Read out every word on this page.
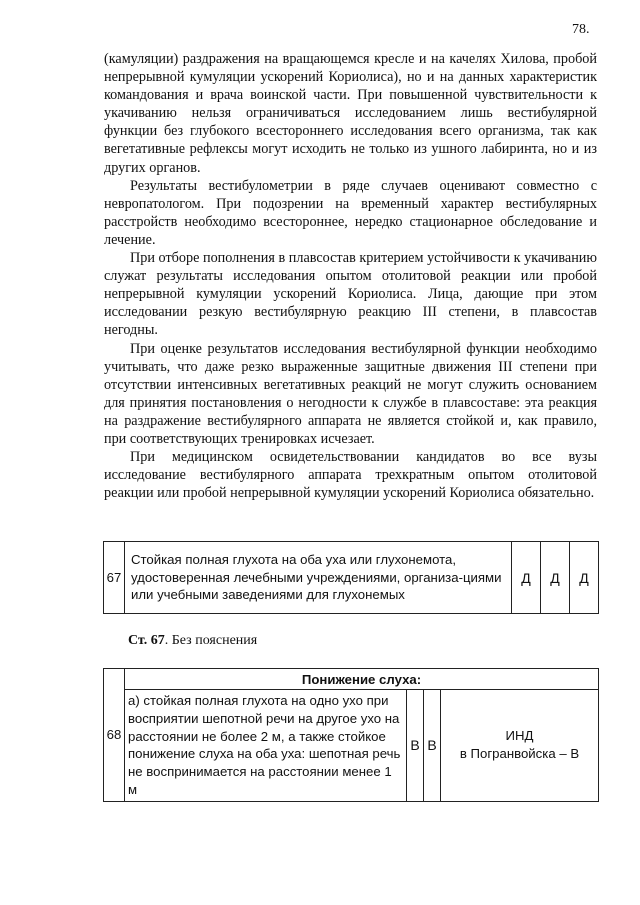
78.

(камуляции) раздражения на вращающемся кресле и на качелях Хилова, пробой непрерывной кумуляции ускорений Кориолиса), но и на данных характеристик командования и врача воинской части. При повышенной чувствительности к укачиванию нельзя ограничиваться исследованием лишь вестибулярной функции без глубокого всестороннего исследования всего организма, так как вегетативные рефлексы могут исходить не только из ушного лабиринта, но и из других органов.

Результаты вестибулометрии в ряде случаев оценивают совместно с невропатологом. При подозрении на временный характер вестибулярных расстройств необходимо всестороннее, нередко стационарное обследование и лечение.

При отборе пополнения в плавсостав критерием устойчивости к укачиванию служат результаты исследования опытом отолитовой реакции или пробой непрерывной кумуляции ускорений Кориолиса. Лица, дающие при этом исследовании резкую вестибулярную реакцию III степени, в плавсостав негодны.

При оценке результатов исследования вестибулярной функции необходимо учитывать, что даже резко выраженные защитные движения III степени при отсутствии интенсивных вегетативных реакций не могут служить основанием для принятия постановления о негодности к службе в плавсоставе: эта реакция на раздражение вестибулярного аппарата не является стойкой и, как правило, при соответствующих тренировках исчезает.

При медицинском освидетельствовании кандидатов во все вузы исследование вестибулярного аппарата трехкратным опытом отолитовой реакции или пробой непрерывной кумуляции ускорений Кориолиса обязательно.

67	Стойкая полная глухота на оба уха или глухонемота, удостоверенная лечебными учреждениями, организа-циями или учебными заведениями для глухонемых	Д	Д	Д
Ст. 67. Без пояснения
68	Понижение слуха:			
	а) стойкая полная глухота на одно ухо при восприятии шепотной речи на другое ухо на расстоянии не более 2 м, а также стойкое понижение слуха на оба уха: шепотная речь не воспринимается на расстоянии менее 1 м	В	В	ИНД
в Погранвойска – В
